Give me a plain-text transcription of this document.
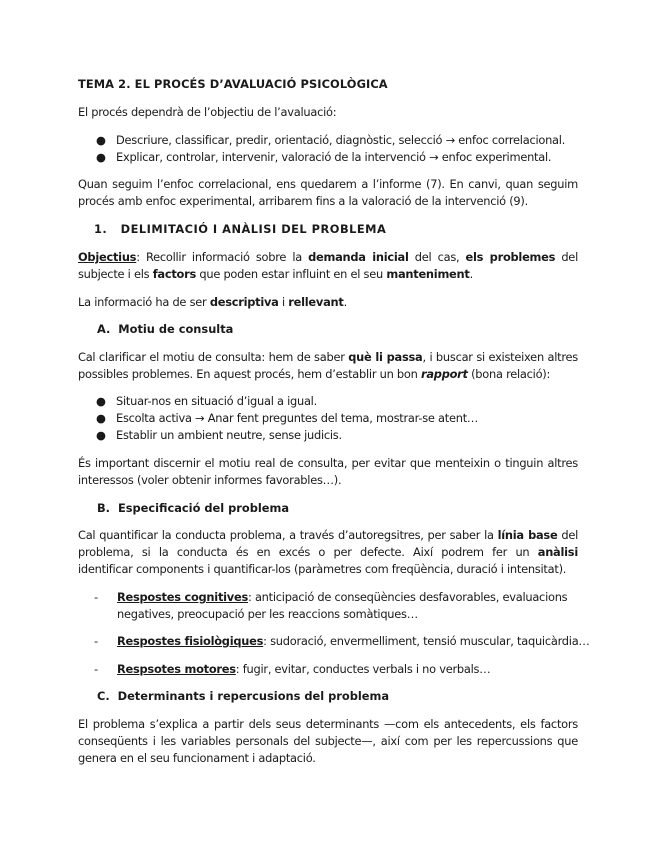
TEMA 2. EL PROCÉS D’AVALUACIÓ PSICOLÒGICA
El procés dependrà de l’objectiu de l’avaluació:
● Descriure, classificar, predir, orientació, diagnòstic, selecció → enfoc correlacional.
● Explicar, controlar, intervenir, valoració de la intervenció → enfoc experimental.
Quan seguim l’enfoc correlacional, ens quedarem a l’informe (7). En canvi, quan seguim
procés amb enfoc experimental, arribarem fins a la valoració de la intervenció (9).
1. DELIMITACIÓ I ANÀLISI DEL PROBLEMA
Objectius: Recollir informació sobre la demanda inicial del cas, els problemes del
subjecte i els factors que poden estar influint en el seu manteniment.
La informació ha de ser descriptiva i rellevant.
A. Motiu de consulta
Cal clarificar el motiu de consulta: hem de saber què li passa, i buscar si existeixen altres
possibles problemes. En aquest procés, hem d’establir un bon rapport (bona relació):
● Situar-nos en situació d’igual a igual.
● Escolta activa → Anar fent preguntes del tema, mostrar-se atent…
● Establir un ambient neutre, sense judicis.
És important discernir el motiu real de consulta, per evitar que menteixin o tinguin altres
interessos (voler obtenir informes favorables…).
B. Especificació del problema
Cal quantificar la conducta problema, a través d’autoregsitres, per saber la línia base del
problema, si la conducta és en excés o per defecte. Així podrem fer un anàlisi
identificar components i quantificar-los (paràmetres com freqüència, duració i intensitat).
- Respostes cognitives: anticipació de conseqüències desfavorables, evaluacions
negatives, preocupació per les reaccions somàtiques…
- Respostes fisiològiques: sudoració, envermelliment, tensió muscular, taquicàrdia…
- Respsotes motores: fugir, evitar, conductes verbals i no verbals…
C. Determinants i repercusions del problema
El problema s’explica a partir dels seus determinants —com els antecedents, els factors
conseqüents i les variables personals del subjecte—, així com per les repercussions que
genera en el seu funcionament i adaptació.
